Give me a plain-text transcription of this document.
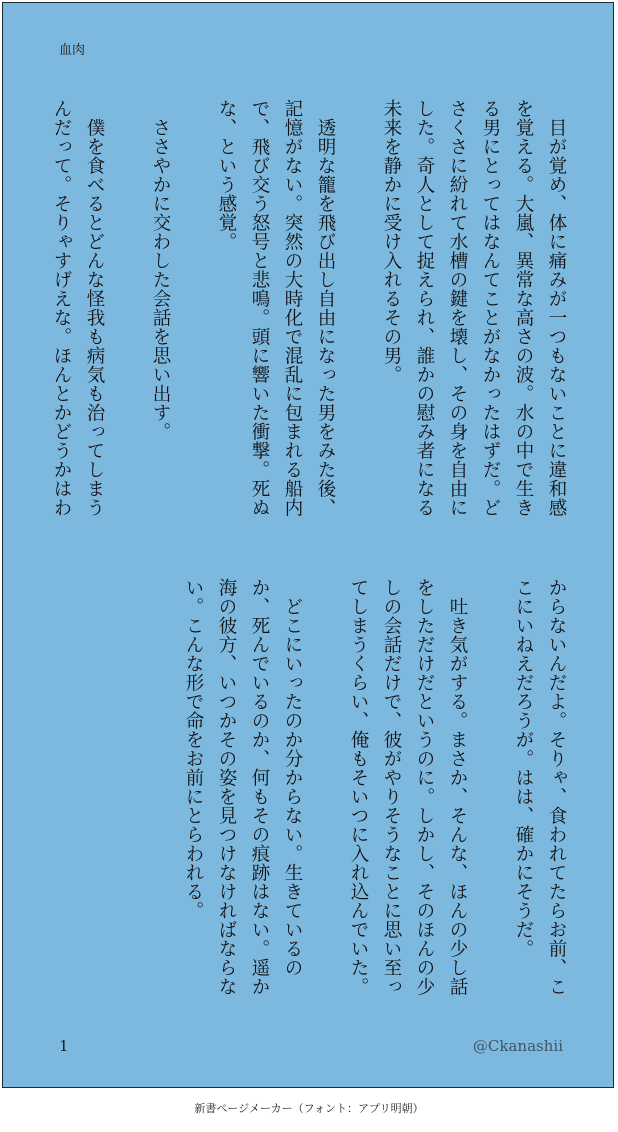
血肉

　目が覚め、体に痛みが一つもないことに違和感を覚える。大嵐、異常な高さの波。水の中で生きる男にとってはなんてことがなかったはずだ。どさくさに紛れて水槽の鍵を壊し、その身を自由にした。奇人として捉えられ、誰かの慰み者になる未来を静かに受け入れるその男。

　透明な籠を飛び出し自由になった男をみた後、記憶がない。突然の大時化で混乱に包まれる船内で、飛び交う怒号と悲鳴。頭に響いた衝撃。死ぬな、という感覚。

　ささやかに交わした会話を思い出す。

　僕を食べるとどんな怪我も病気も治ってしまうんだって。そりゃすげえな。ほんとかどうかはわ

からないんだよ。そりゃ、食われてたらお前、ここにいねえだろうが。はは、確かにそうだ。

　吐き気がする。まさか、そんな、ほんの少し話をしただけだというのに。しかし、そのほんの少しの会話だけで、彼がやりそうなことに思い至ってしまうくらい、俺もそいつに入れ込んでいた。

　どこにいったのか分からない。生きているのか、死んでいるのか、何もその痕跡はない。遥か海の彼方、いつかその姿を見つけなければならない。こんな形で命をお前にとらわれる。

1	@Ckanashii
新書ページメーカー（フォント：アプリ明朝）
